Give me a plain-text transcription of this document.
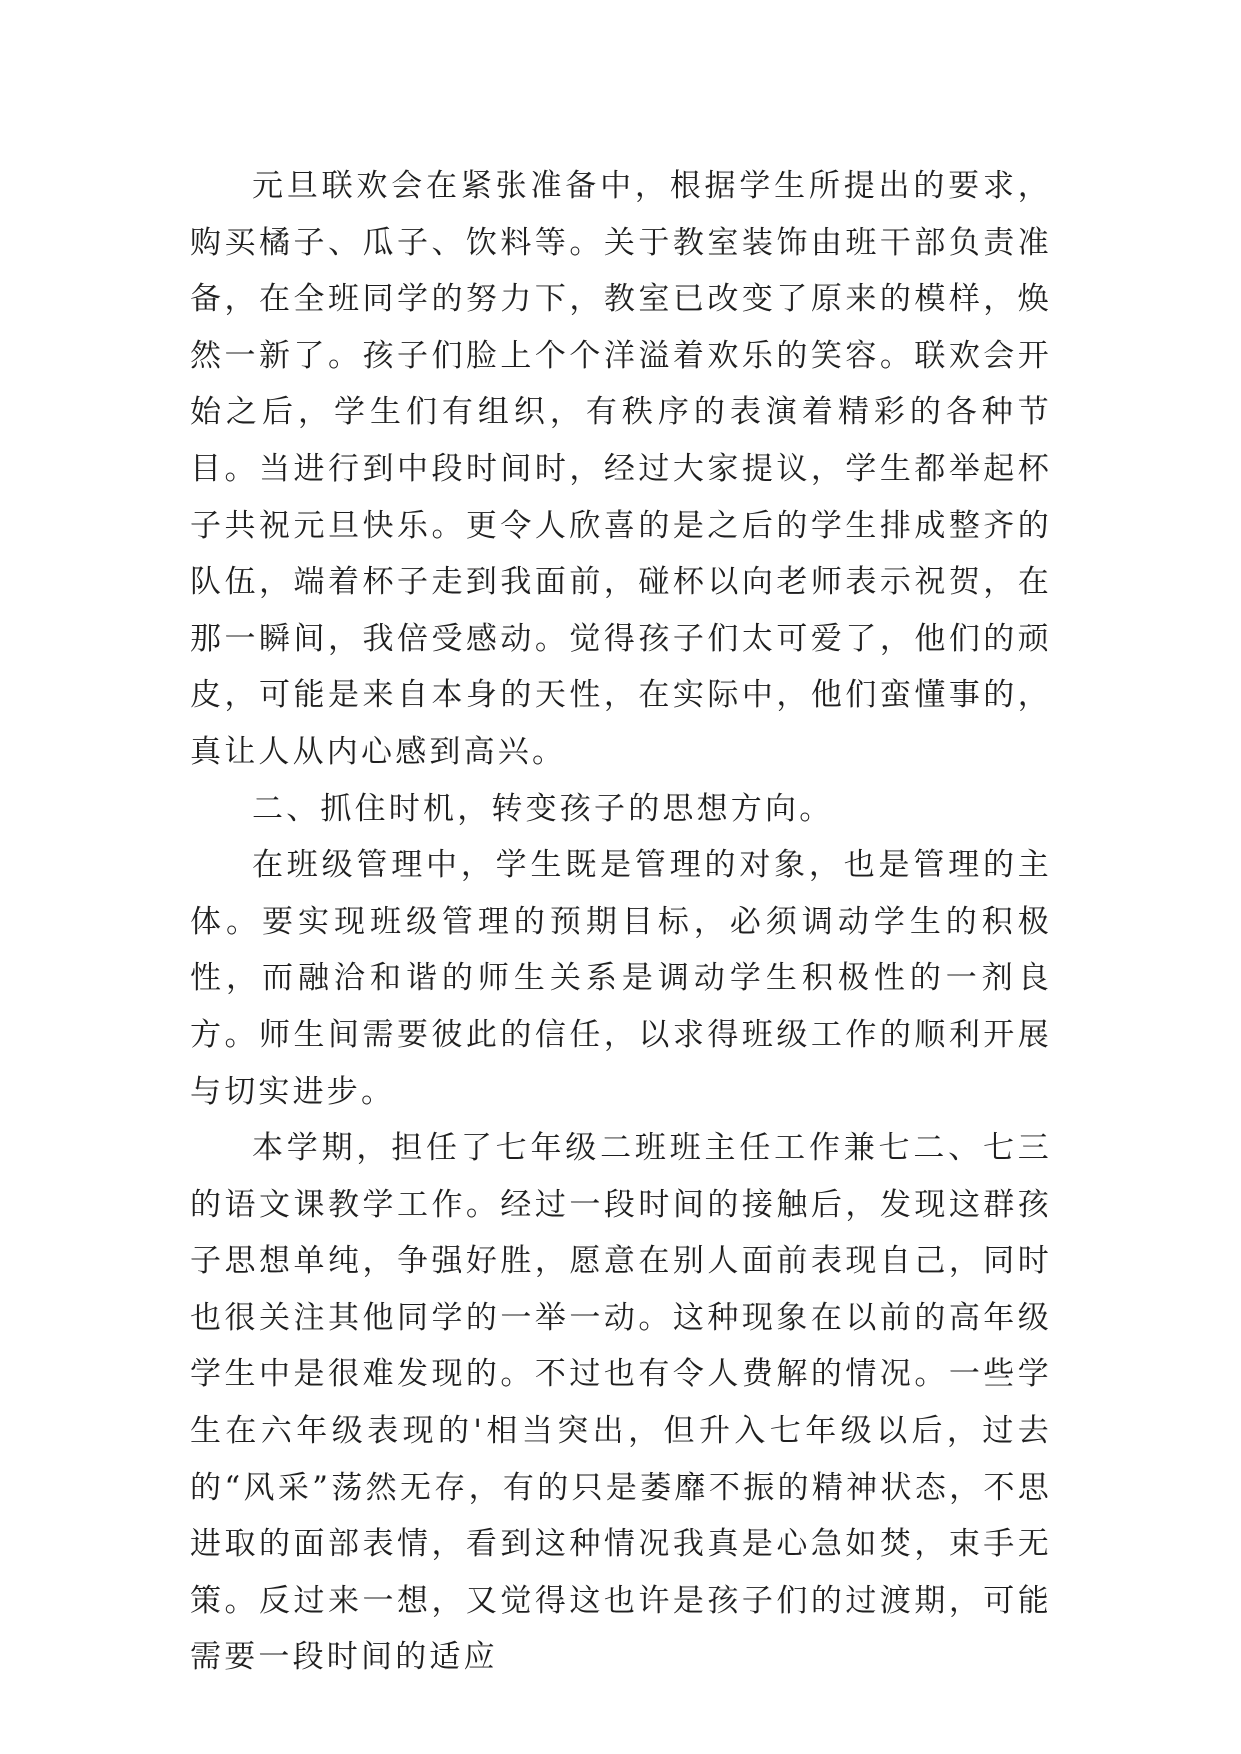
元旦联欢会在紧张准备中，根据学生所提出的要求，购买橘子、瓜子、饮料等。关于教室装饰由班干部负责准备，在全班同学的努力下，教室已改变了原来的模样，焕然一新了。孩子们脸上个个洋溢着欢乐的笑容。联欢会开始之后，学生们有组织，有秩序的表演着精彩的各种节目。当进行到中段时间时，经过大家提议，学生都举起杯子共祝元旦快乐。更令人欣喜的是之后的学生排成整齐的队伍，端着杯子走到我面前，碰杯以向老师表示祝贺，在那一瞬间，我倍受感动。觉得孩子们太可爱了，他们的顽皮，可能是来自本身的天性，在实际中，他们蛮懂事的，真让人从内心感到高兴。

二、抓住时机，转变孩子的思想方向。

在班级管理中，学生既是管理的对象，也是管理的主体。要实现班级管理的预期目标，必须调动学生的积极性，而融洽和谐的师生关系是调动学生积极性的一剂良方。师生间需要彼此的信任，以求得班级工作的顺利开展与切实进步。

本学期，担任了七年级二班班主任工作兼七二、七三的语文课教学工作。经过一段时间的接触后，发现这群孩子思想单纯，争强好胜，愿意在别人面前表现自己，同时也很关注其他同学的一举一动。这种现象在以前的高年级学生中是很难发现的。不过也有令人费解的情况。一些学生在六年级表现的'相当突出，但升入七年级以后，过去的“风采”荡然无存，有的只是萎靡不振的精神状态，不思进取的面部表情，看到这种情况我真是心急如焚，束手无策。反过来一想，又觉得这也许是孩子们的过渡期，可能需要一段时间的适应
